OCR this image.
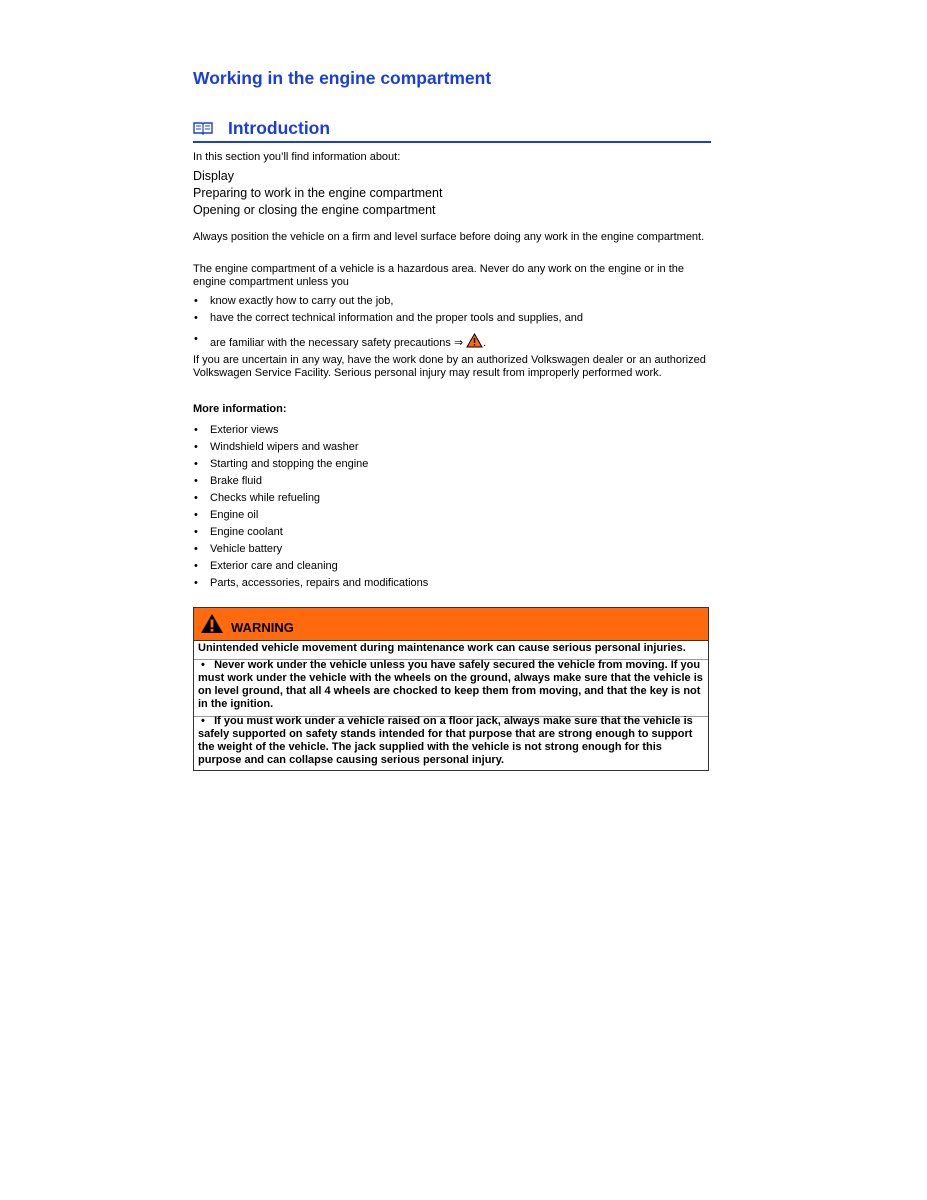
Working in the engine compartment
Introduction
In this section you’ll find information about:
Display
Preparing to work in the engine compartment
Opening or closing the engine compartment
Always position the vehicle on a firm and level surface before doing any work in the engine compartment.
The engine compartment of a vehicle is a hazardous area. Never do any work on the engine or in the engine compartment unless you
• know exactly how to carry out the job,
• have the correct technical information and the proper tools and supplies, and
• are familiar with the necessary safety precautions ⇒ .
If you are uncertain in any way, have the work done by an authorized Volkswagen dealer or an authorized Volkswagen Service Facility. Serious personal injury may result from improperly performed work.
More information:
• Exterior views
• Windshield wipers and washer
• Starting and stopping the engine
• Brake fluid
• Checks while refueling
• Engine oil
• Engine coolant
• Vehicle battery
• Exterior care and cleaning
• Parts, accessories, repairs and modifications
WARNING
Unintended vehicle movement during maintenance work can cause serious personal injuries.
•   Never work under the vehicle unless you have safely secured the vehicle from moving. If you must work under the vehicle with the wheels on the ground, always make sure that the vehicle is on level ground, that all 4 wheels are chocked to keep them from moving, and that the key is not in the ignition.
•   If you must work under a vehicle raised on a floor jack, always make sure that the vehicle is safely supported on safety stands intended for that purpose that are strong enough to support the weight of the vehicle. The jack supplied with the vehicle is not strong enough for this purpose and can collapse causing serious personal injury.
